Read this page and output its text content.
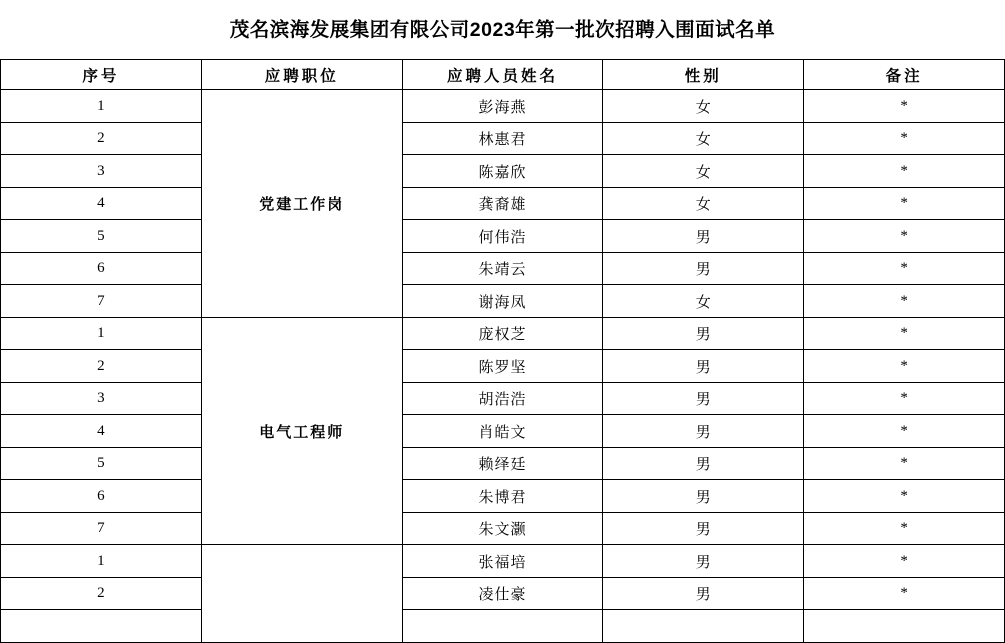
茂名滨海发展集团有限公司2023年第一批次招聘入围面试名单
序号	应聘职位	应聘人员姓名	性别	备注
1	党建工作岗	彭海燕	女	*
2		林惠君	女	*
3		陈嘉欣	女	*
4		龚裔雄	女	*
5		何伟浩	男	*
6		朱靖云	男	*
7		谢海凤	女	*
1	电气工程师	庞权芝	男	*
2		陈罗坚	男	*
3		胡浩浩	男	*
4		肖皓文	男	*
5		赖绎廷	男	*
6		朱博君	男	*
7		朱文灏	男	*
1		张福培	男	*
2		凌仕豪	男	*
